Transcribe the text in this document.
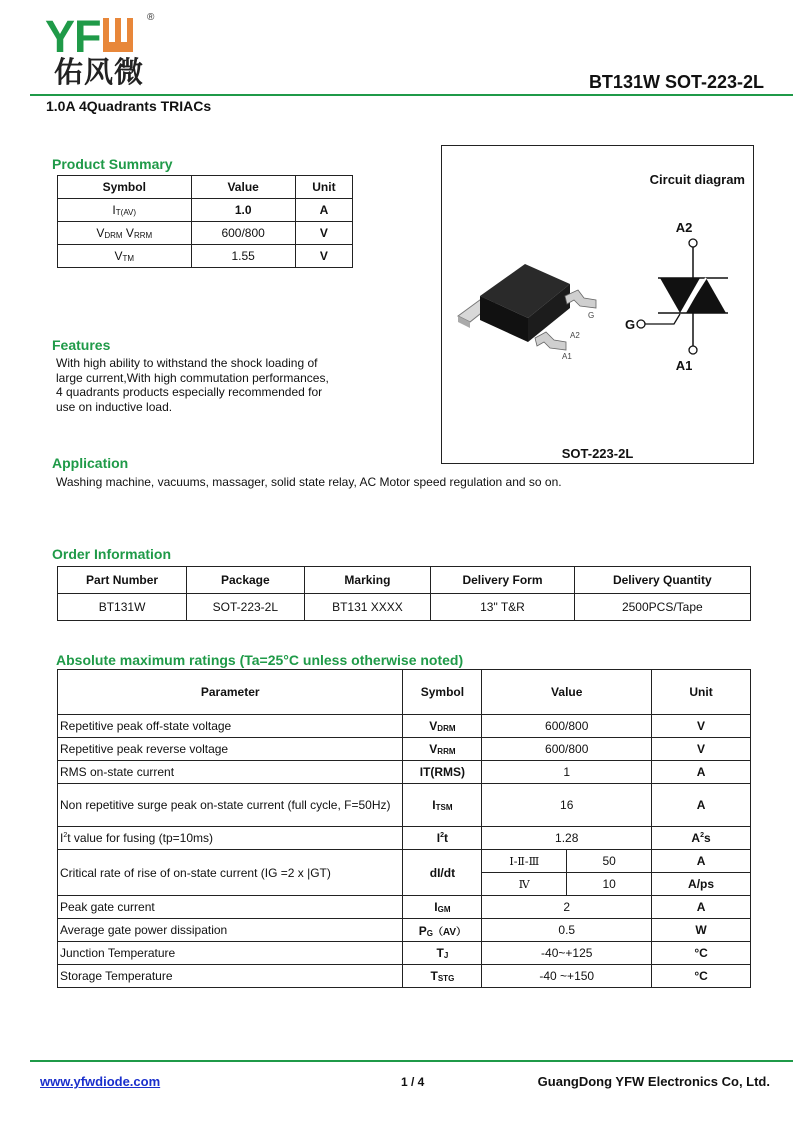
YF	®
佑风微	BT131W SOT-223-2L
1.0A 4Quadrants TRIACs
Product Summary
Symbol	Value	Unit
IT(AV)	1.0	A
VDRM VRRM	600/800	V
VTM	1.55	V
Features
With high ability to withstand the shock loading of
large current,With high commutation performances,
4 quadrants products especially recommended for
use on inductive load.
Application
Washing machine, vacuums, massager, solid state relay, AC Motor speed regulation and so on.
Circuit diagram
G
A2
A1
A2
A1
G
SOT-223-2L
Order Information
Part Number	Package	Marking	Delivery Form	Delivery Quantity
BT131W	SOT-223-2L	BT131 XXXX	13" T&R	2500PCS/Tape
Absolute maximum ratings (Ta=25°C unless otherwise noted)
Parameter	Symbol	Value		Unit
Repetitive peak off-state voltage	VDRM	600/800		V
Repetitive peak reverse voltage	VRRM	600/800		V
RMS on-state current	IT(RMS)	1		A
Non repetitive surge peak on-state current (full cycle, F=50Hz)	ITSM	16		A
$I^2t$ value for fusing (tp=10ms)	$I^2t$	1.28		$A^2s$
Critical rate of rise of on-state current (IG =2 x |GT)	dI/dt	Ⅰ-Ⅱ-Ⅲ	50	A
		Ⅳ	10	A/ps
Peak gate current	IGM	2		A
Average gate power dissipation	PG（AV）	0.5		W
Junction Temperature	TJ	-40~+125		°C
Storage Temperature	TSTG	-40 ~+150		°C
www.yfwdiode.com	1 / 4	GuangDong YFW Electronics Co, Ltd.
